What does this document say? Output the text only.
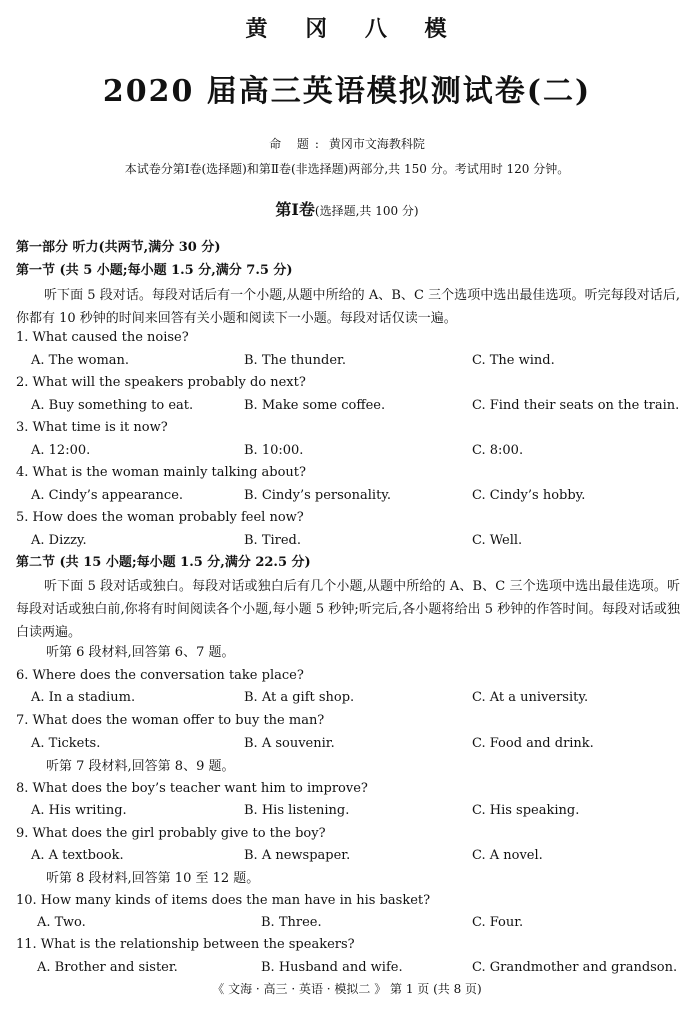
黄 冈 八 模
2020 届高三英语模拟测试卷(二)
命 题: 黄冈市文海教科院
本试卷分第Ⅰ卷(选择题)和第Ⅱ卷(非选择题)两部分,共 150 分。考试用时 120 分钟。
第Ⅰ卷(选择题,共 100 分)
第一部分 听力(共两节,满分 30 分)
第一节 (共 5 小题;每小题 1.5 分,满分 7.5 分)

听下面 5 段对话。每段对话后有一个小题,从题中所给的 A、B、C 三个选项中选出最佳选项。听完每段对话后,你都有 10 秒钟的时间来回答有关小题和阅读下一小题。每段对话仅读一遍。

1. What caused the noise?
A. The woman.	B. The thunder.	C. The wind.
2. What will the speakers probably do next?
A. Buy something to eat.	B. Make some coffee.	C. Find their seats on the train.
3. What time is it now?
A. 12:00.	B. 10:00.	C. 8:00.
4. What is the woman mainly talking about?
A. Cindy’s appearance.	B. Cindy’s personality.	C. Cindy’s hobby.
5. How does the woman probably feel now?
A. Dizzy.	B. Tired.	C. Well.
第二节 (共 15 小题;每小题 1.5 分,满分 22.5 分)

听下面 5 段对话或独白。每段对话或独白后有几个小题,从题中所给的 A、B、C 三个选项中选出最佳选项。听每段对话或独白前,你将有时间阅读各个小题,每小题 5 秒钟;听完后,各小题将给出 5 秒钟的作答时间。每段对话或独白读两遍。

听第 6 段材料,回答第 6、7 题。
6. Where does the conversation take place?
A. In a stadium.	B. At a gift shop.	C. At a university.
7. What does the woman offer to buy the man?
A. Tickets.	B. A souvenir.	C. Food and drink.
听第 7 段材料,回答第 8、9 题。
8. What does the boy’s teacher want him to improve?
A. His writing.	B. His listening.	C. His speaking.
9. What does the girl probably give to the boy?
A. A textbook.	B. A newspaper.	C. A novel.
听第 8 段材料,回答第 10 至 12 题。
10. How many kinds of items does the man have in his basket?
A. Two.	B. Three.	C. Four.
11. What is the relationship between the speakers?
《 文海 · 高三 · 英语 · 模拟二 》 第 1 页 (共 8 页)
A. Brother and sister.	B. Husband and wife.	C. Grandmother and grandson.
